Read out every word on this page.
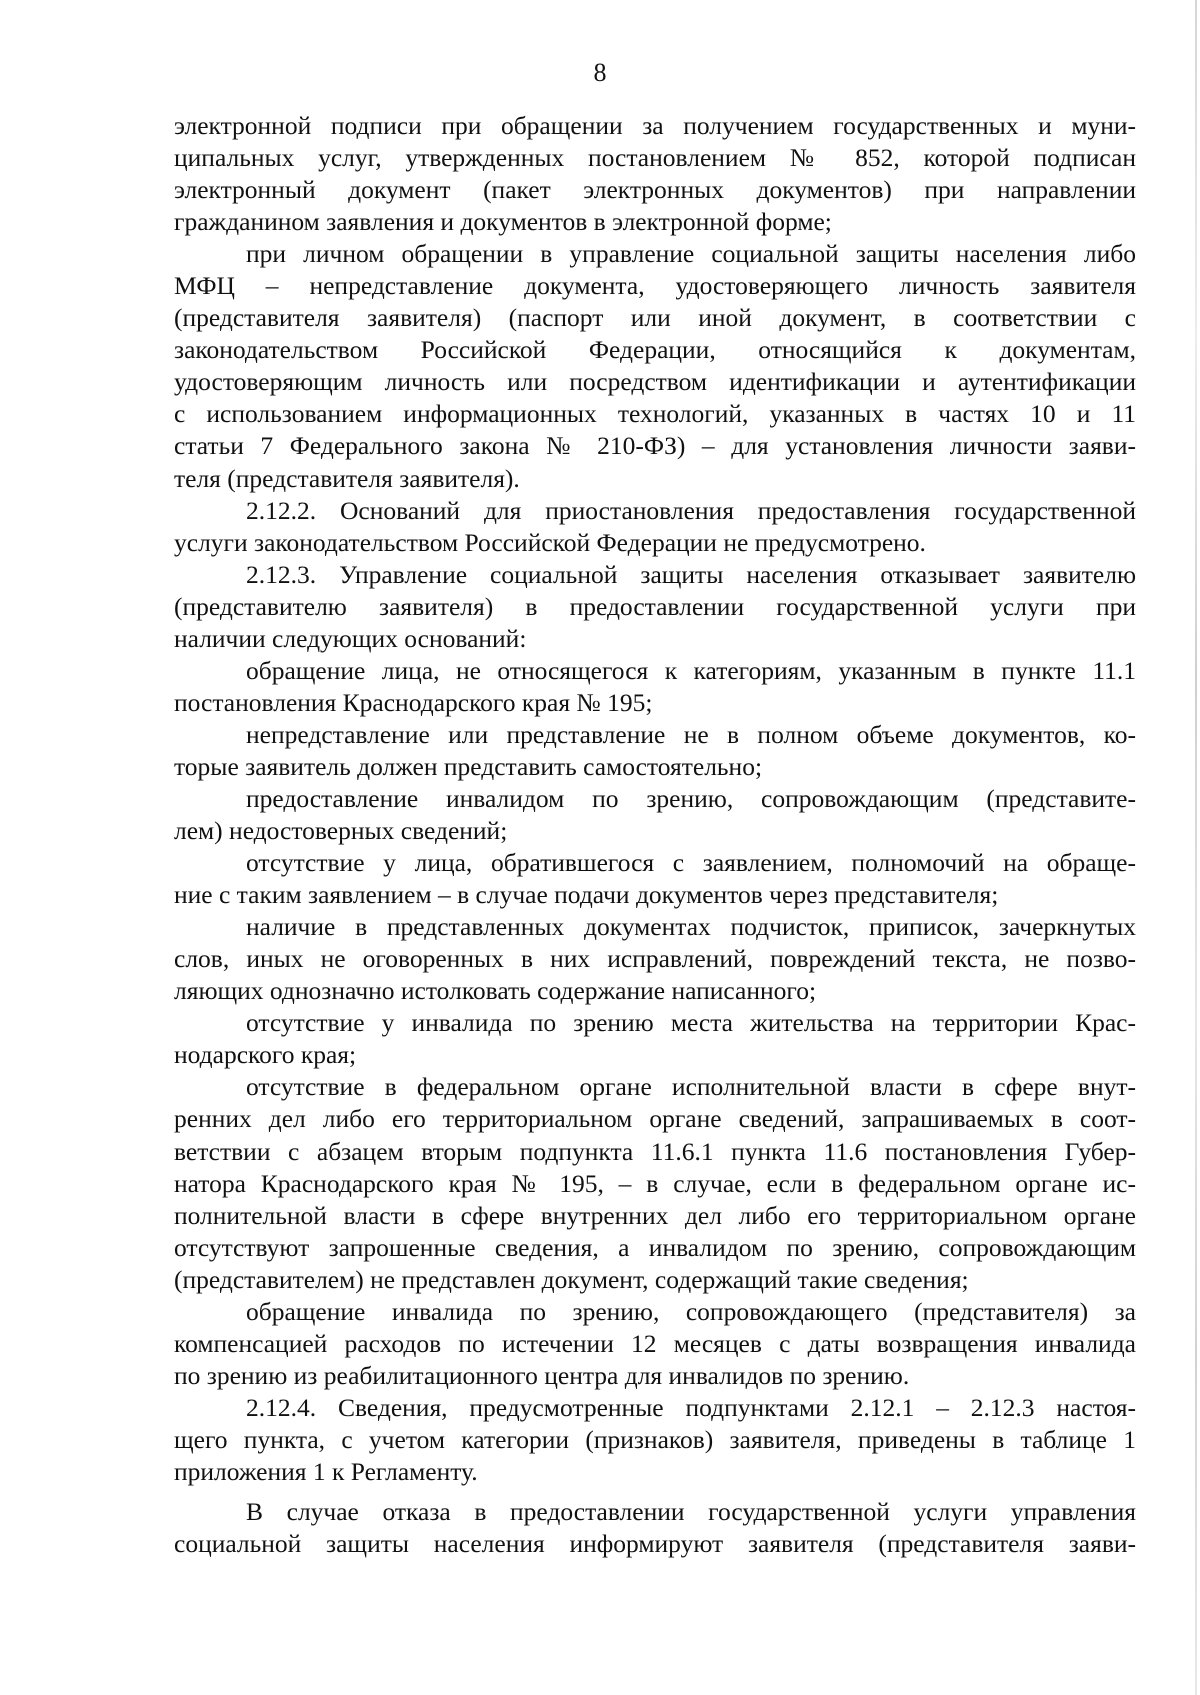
8
электронной подписи при обращении за получением государственных и муни-
ципальных услуг, утвержденных постановлением № 852, которой подписан
электронный документ (пакет электронных документов) при направлении
гражданином заявления и документов в электронной форме;
при личном обращении в управление социальной защиты населения либо
МФЦ – непредставление документа, удостоверяющего личность заявителя
(представителя заявителя) (паспорт или иной документ, в соответствии с
законодательством Российской Федерации, относящийся к документам,
удостоверяющим личность или посредством идентификации и аутентификации
с использованием информационных технологий, указанных в частях 10 и 11
статьи 7 Федерального закона № 210-ФЗ) – для установления личности заяви-
теля (представителя заявителя).
2.12.2. Оснований для приостановления предоставления государственной
услуги законодательством Российской Федерации не предусмотрено.
2.12.3. Управление социальной защиты населения отказывает заявителю
(представителю заявителя) в предоставлении государственной услуги при
наличии следующих оснований:
обращение лица, не относящегося к категориям, указанным в пункте 11.1
постановления Краснодарского края № 195;
непредставление или представление не в полном объеме документов, ко-
торые заявитель должен представить самостоятельно;
предоставление инвалидом по зрению, сопровождающим (представите-
лем) недостоверных сведений;
отсутствие у лица, обратившегося с заявлением, полномочий на обраще-
ние с таким заявлением – в случае подачи документов через представителя;
наличие в представленных документах подчисток, приписок, зачеркнутых
слов, иных не оговоренных в них исправлений, повреждений текста, не позво-
ляющих однозначно истолковать содержание написанного;
отсутствие у инвалида по зрению места жительства на территории Крас-
нодарского края;
отсутствие в федеральном органе исполнительной власти в сфере внут-
ренних дел либо его территориальном органе сведений, запрашиваемых в соот-
ветствии с абзацем вторым подпункта 11.6.1 пункта 11.6 постановления Губер-
натора Краснодарского края № 195, – в случае, если в федеральном органе ис-
полнительной власти в сфере внутренних дел либо его территориальном органе
отсутствуют запрошенные сведения, а инвалидом по зрению, сопровождающим
(представителем) не представлен документ, содержащий такие сведения;
обращение инвалида по зрению, сопровождающего (представителя) за
компенсацией расходов по истечении 12 месяцев с даты возвращения инвалида
по зрению из реабилитационного центра для инвалидов по зрению.
2.12.4. Сведения, предусмотренные подпунктами 2.12.1 – 2.12.3 настоя-
щего пункта, с учетом категории (признаков) заявителя, приведены в таблице 1
приложения 1 к Регламенту.
В случае отказа в предоставлении государственной услуги управления
социальной защиты населения информируют заявителя (представителя заяви-
